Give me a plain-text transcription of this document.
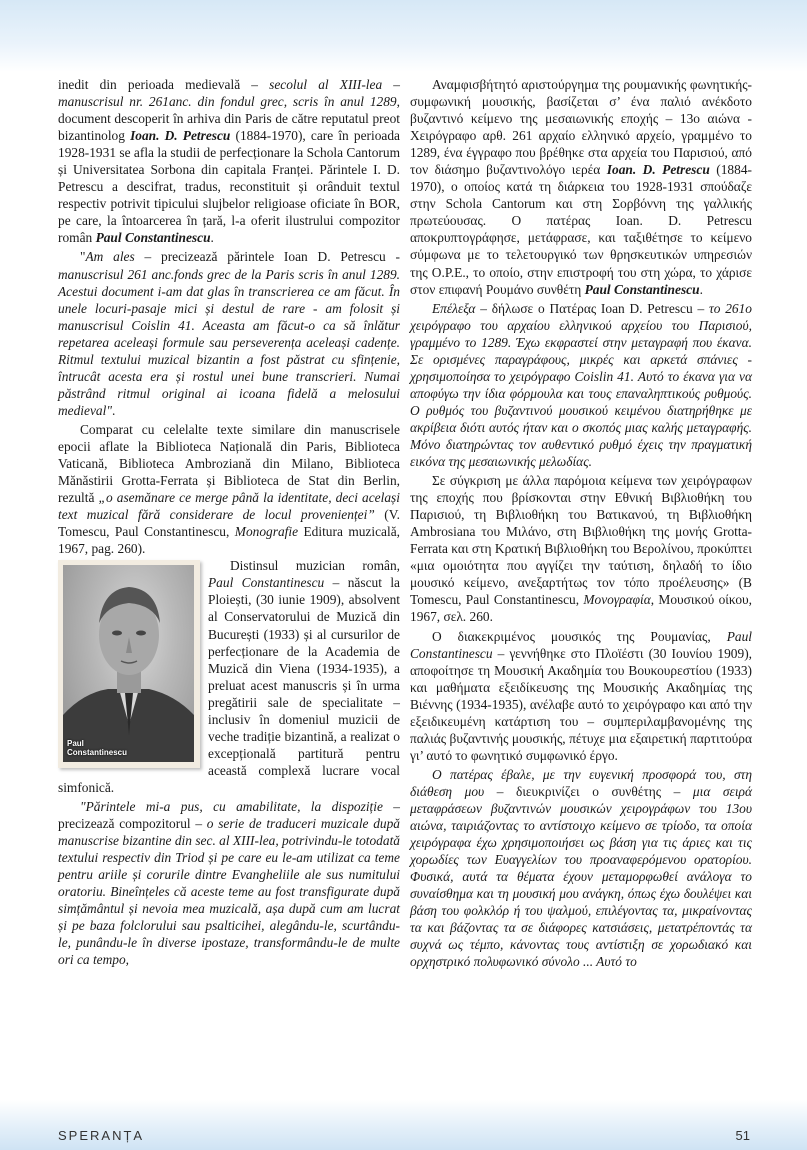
inedit din perioada medievală – secolul al XIII-lea – manuscrisul nr. 261anc. din fondul grec, scris în anul 1289, document descoperit în arhiva din Paris de către reputatul preot bizantinolog Ioan. D. Petrescu (1884-1970), care în perioada 1928-1931 se afla la studii de perfecționare la Schola Cantorum și Universitatea Sorbona din capitala Franței. Părintele I. D. Petrescu a descifrat, tradus, reconstituit și orânduit textul respectiv potrivit tipicului slujbelor religioase oficiate în BOR, pe care, la întoarcerea în țară, l-a oferit ilustrului compozitor român Paul Constantinescu.

"Am ales – precizează părintele Ioan D. Petrescu - manuscrisul 261 anc.fonds grec de la Paris scris în anul 1289. Acestui document i-am dat glas în transcrierea ce am făcut. În unele locuri-pasaje mici și destul de rare - am folosit și manuscrisul Coislin 41. Aceasta am făcut-o ca să înlătur repetarea aceleași formule sau perseverența aceleași cadențe. Ritmul textului muzical bizantin a fost păstrat cu sfințenie, întrucât acesta era și rostul unei bune transcrieri. Numai păstrând ritmul original ai icoana fidelă a melosului medieval".

Comparat cu celelalte texte similare din manuscrisele epocii aflate la Biblioteca Națională din Paris, Biblioteca Vaticană, Biblioteca Ambroziană din Milano, Biblioteca Mănăstirii Grotta-Ferrata și Biblioteca de Stat din Berlin, rezultă „o asemănare ce merge până la identitate, deci același text muzical fără considerare de locul provenienței” (V. Tomescu, Paul Constantinescu, Monografie Editura muzicală, 1967, pag. 260).

Paul
Constantinescu

Distinsul muzician român, Paul Constantinescu – născut la Ploiești, (30 iunie 1909), absolvent al Conservatorului de Muzică din București (1933) și al cursurilor de perfecționare de la Academia de Muzică din Viena (1934-1935), a preluat acest manuscris și în urma pregătirii sale de specialitate – inclusiv în domeniul muzicii de veche tradiție bizantină, a realizat o excepțională partitură pentru această complexă lucrare vocal simfonică.

"Părintele mi-a pus, cu amabilitate, la dispoziție – precizează compozitorul – o serie de traduceri muzicale după manuscrise bizantine din sec. al XIII-lea, potrivindu-le totodată textului respectiv din Triod și pe care eu le-am utilizat ca teme pentru ariile și corurile dintre Evangheliile ale sus numitului oratoriu. Bineînțeles că aceste teme au fost transfigurate după simțământul și nevoia mea muzicală, așa după cum am lucrat și pe baza folclorului sau psalticihei, alegându-le, scurtându-le, punându-le în diverse ipostaze, transformându-le de multe ori ca tempo,

Αναμφισβήτητό αριστούργημα της ρουμανικής φωνητικής-συμφωνική μουσικής, βασίζεται σ’ ένα παλιό ανέκδοτο βυζαντινό κείμενο της μεσαιωνικής εποχής – 13ο αιώνα - Χειρόγραφο αρθ. 261 αρχαίο ελληνικό αρχείο, γραμμένο το 1289, ένα έγγραφο που βρέθηκε στα αρχεία του Παρισιού, από τον διάσημο βυζαντινολόγο ιερέα Ioan. D. Petrescu (1884-1970), ο οποίος κατά τη διάρκεια του 1928-1931 σπούδαζε στην Schola Cantorum και στη Σορβόννη της γαλλικής πρωτεύουσας. Ο πατέρας Ioan. D. Petrescu αποκρυπτογράφησε, μετάφρασε, και ταξιθέτησε το κείμενο σύμφωνα με το τελετουργικό των θρησκευτικών υπηρεσιών της Ο.Ρ.Ε., το οποίο, στην επιστροφή του στη χώρα, το χάρισε στον επιφανή Ρουμάνο συνθέτη Paul Constantinescu.

Επέλεξα – δήλωσε ο Πατέρας Ioan D. Petrescu – το 261ο χειρόγραφο του αρχαίου ελληνικού αρχείου του Παρισιού, γραμμένο το 1289. Έχω εκφραστεί στην μεταγραφή που έκανα. Σε ορισμένες παραγράφους, μικρές και αρκετά σπάνιες - χρησιμοποίησα το χειρόγραφο Coislin 41. Αυτό το έκανα για να αποφύγω την ίδια φόρμουλα και τους επαναληπτικούς ρυθμούς. Ο ρυθμός του βυζαντινού μουσικού κειμένου διατηρήθηκε με ακρίβεια διότι αυτός ήταν και ο σκοπός μιας καλής μεταγραφής. Μόνο διατηρώντας τον αυθεντικό ρυθμό έχεις την πραγματική εικόνα της μεσαιωνικής μελωδίας.

Σε σύγκριση με άλλα παρόμοια κείμενα των χειρόγραφων της εποχής που βρίσκονται στην Εθνική Βιβλιοθήκη του Παρισιού, τη Βιβλιοθήκη του Βατικανού, τη Βιβλιοθήκη Ambrosiana του Μιλάνο, στη Βιβλιοθήκη της μονής Grotta-Ferrata και στη Κρατική Βιβλιοθήκη του Βερολίνου, προκύπτει «μια ομοιότητα που αγγίζει την ταύτιση, δηλαδή το ίδιο μουσικό κείμενο, ανεξαρτήτως τον τόπο προέλευσης» (B Tomescu, Paul Constantinescu, Μονογραφία, Μουσικού οίκου, 1967, σελ. 260.

Ο διακεκριμένος μουσικός της Ρουμανίας, Paul Constantinescu – γεννήθηκε στο Πλοϊέστι (30 Ιουνίου 1909), αποφοίτησε τη Μουσική Ακαδημία του Βουκουρεστίου (1933) και μαθήματα εξειδίκευσης της Μουσικής Ακαδημίας της Βιέννης (1934-1935), ανέλαβε αυτό το χειρόγραφο και από την εξειδικευμένη κατάρτιση του – συμπεριλαμβανομένης της παλιάς βυζαντινής μουσικής, πέτυχε μια εξαιρετική παρτιτούρα γι’ αυτό το φωνητικό συμφωνικό έργο.

Ο πατέρας έβαλε, με την ευγενική προσφορά του, στη διάθεση μου – διευκρινίζει ο συνθέτης – μια σειρά μεταφράσεων βυζαντινών μουσικών χειρογράφων του 13ου αιώνα, ταιριάζοντας το αντίστοιχο κείμενο σε τρίοδο, τα οποία χειρόγραφα έχω χρησιμοποιήσει ως βάση για τις άριες και τις χορωδίες των Ευαγγελίων του προαναφερόμενου ορατορίου. Φυσικά, αυτά τα θέματα έχουν μεταμορφωθεί ανάλογα το συναίσθημα και τη μουσική μου ανάγκη, όπως έχω δουλέψει και βάση του φολκλόρ ή του ψαλμού, επιλέγοντας τα, μικραίνοντας τα και βάζοντας τα σε διάφορες κατσιάσεις, μετατρέποντάς τα συχνά ως τέμπο, κάνοντας τους αντίστιξη σε χορωδιακό και ορχηστρικό πολυφωνικό σύνολο ... Αυτό το

SPERANȚA	51
